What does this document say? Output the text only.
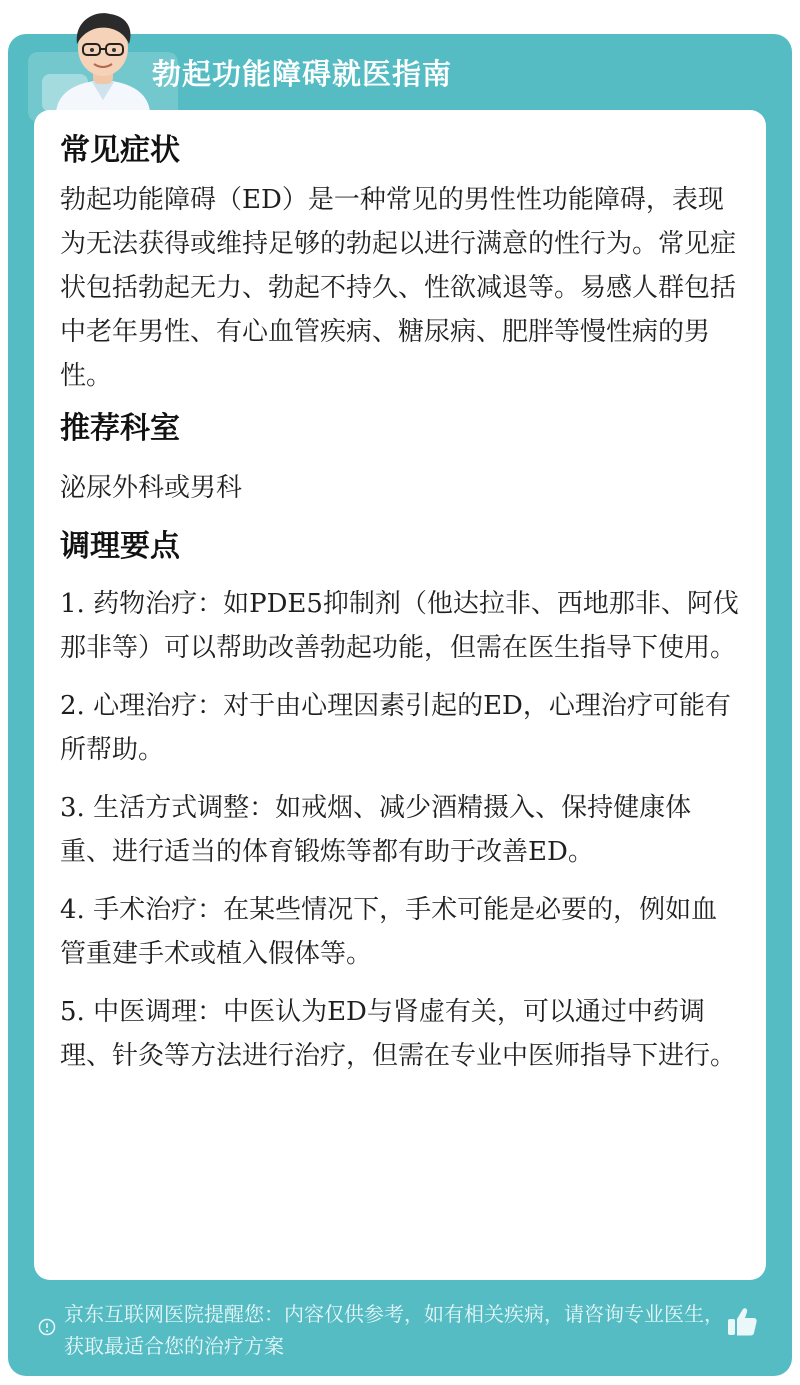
勃起功能障碍就医指南
常见症状

勃起功能障碍（ED）是一种常见的男性性功能障碍，表现为无法获得或维持足够的勃起以进行满意的性行为。常见症状包括勃起无力、勃起不持久、性欲减退等。易感人群包括中老年男性、有心血管疾病、糖尿病、肥胖等慢性病的男性。

推荐科室

泌尿外科或男科

调理要点

1. 药物治疗：如PDE5抑制剂（他达拉非、西地那非、阿伐那非等）可以帮助改善勃起功能，但需在医生指导下使用。

2. 心理治疗：对于由心理因素引起的ED，心理治疗可能有所帮助。

3. 生活方式调整：如戒烟、减少酒精摄入、保持健康体重、进行适当的体育锻炼等都有助于改善ED。

4. 手术治疗：在某些情况下，手术可能是必要的，例如血管重建手术或植入假体等。

5. 中医调理：中医认为ED与肾虚有关，可以通过中药调理、针灸等方法进行治疗，但需在专业中医师指导下进行。

京东互联网医院提醒您：内容仅供参考，如有相关疾病，请咨询专业医生，获取最适合您的治疗方案
